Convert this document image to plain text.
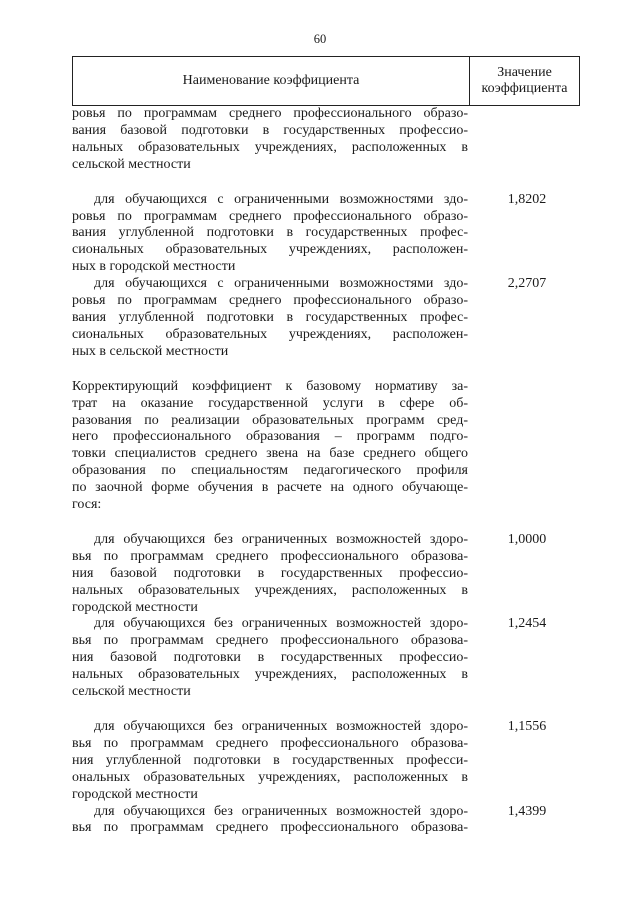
60
Наименование коэффициента
Значение
коэффициента
ровья по программам среднего профессионального образо-
вания базовой подготовки в государственных профессио-
нальных образовательных учреждениях, расположенных в
сельской местности
для обучающихся с ограниченными возможностями здо-
ровья по программам среднего профессионального образо-
вания углубленной подготовки в государственных профес-
сиональных образовательных учреждениях, расположен-
ных в городской местности
1,8202
для обучающихся с ограниченными возможностями здо-
ровья по программам среднего профессионального образо-
вания углубленной подготовки в государственных профес-
сиональных образовательных учреждениях, расположен-
ных в сельской местности
2,2707
Корректирующий коэффициент к базовому нормативу за-
трат на оказание государственной услуги в сфере об-
разования по реализации образовательных программ сред-
него профессионального образования – программ подго-
товки специалистов среднего звена на базе среднего общего
образования по специальностям педагогического профиля
по заочной форме обучения в расчете на одного обучающе-
гося:
для обучающихся без ограниченных возможностей здоро-
вья по программам среднего профессионального образова-
ния базовой подготовки в государственных профессио-
нальных образовательных учреждениях, расположенных в
городской местности
1,0000
для обучающихся без ограниченных возможностей здоро-
вья по программам среднего профессионального образова-
ния базовой подготовки в государственных профессио-
нальных образовательных учреждениях, расположенных в
сельской местности
1,2454
для обучающихся без ограниченных возможностей здоро-
вья по программам среднего профессионального образова-
ния углубленной подготовки в государственных професси-
ональных образовательных учреждениях, расположенных в
городской местности
1,1556
для обучающихся без ограниченных возможностей здоро-
вья по программам среднего профессионального образова-
1,4399
